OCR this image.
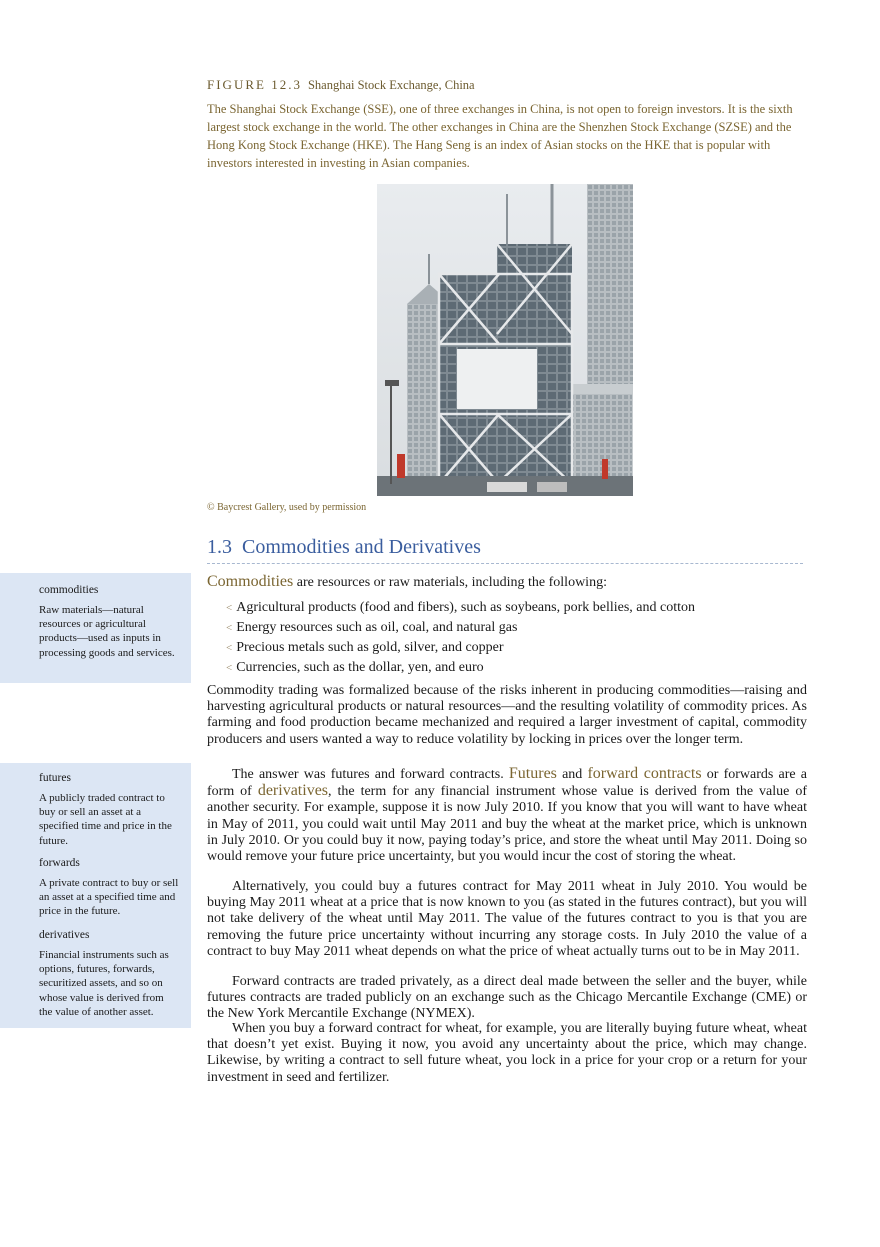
FIGURE 12.3 Shanghai Stock Exchange, China
The Shanghai Stock Exchange (SSE), one of three exchanges in China, is not open to foreign investors. It is the sixth largest stock exchange in the world. The other exchanges in China are the Shenzhen Stock Exchange (SZSE) and the Hong Kong Stock Exchange (HKE). The Hang Seng is an index of Asian stocks on the HKE that is popular with investors interested in investing in Asian companies.
© Baycrest Gallery, used by permission
1.3 Commodities and Derivatives
Commodities are resources or raw materials, including the following:
< Agricultural products (food and fibers), such as soybeans, pork bellies, and cotton
< Energy resources such as oil, coal, and natural gas
< Precious metals such as gold, silver, and copper
< Currencies, such as the dollar, yen, and euro

Commodity trading was formalized because of the risks inherent in producing commodities—raising and harvesting agricultural products or natural resources—and the resulting volatility of commodity prices. As farming and food production became mechanized and required a larger investment of capital, commodity producers and users wanted a way to reduce volatility by locking in prices over the longer term.

The answer was futures and forward contracts. Futures and forward contracts or forwards are a form of derivatives, the term for any financial instrument whose value is derived from the value of another security. For example, suppose it is now July 2010. If you know that you will want to have wheat in May of 2011, you could wait until May 2011 and buy the wheat at the market price, which is unknown in July 2010. Or you could buy it now, paying today’s price, and store the wheat until May 2011. Doing so would remove your future price uncertainty, but you would incur the cost of storing the wheat.

Alternatively, you could buy a futures contract for May 2011 wheat in July 2010. You would be buying May 2011 wheat at a price that is now known to you (as stated in the futures contract), but you will not take delivery of the wheat until May 2011. The value of the futures contract to you is that you are removing the future price uncertainty without incurring any storage costs. In July 2010 the value of a contract to buy May 2011 wheat depends on what the price of wheat actually turns out to be in May 2011.

Forward contracts are traded privately, as a direct deal made between the seller and the buyer, while futures contracts are traded publicly on an exchange such as the Chicago Mercantile Exchange (CME) or the New York Mercantile Exchange (NYMEX).

When you buy a forward contract for wheat, for example, you are literally buying future wheat, wheat that doesn’t yet exist. Buying it now, you avoid any uncertainty about the price, which may change. Likewise, by writing a contract to sell future wheat, you lock in a price for your crop or a return for your investment in seed and fertilizer.

commodities
Raw materials—natural resources or agricultural products—used as inputs in processing goods and services.
futures
A publicly traded contract to buy or sell an asset at a specified time and price in the future.
forwards
A private contract to buy or sell an asset at a specified time and price in the future.
derivatives
Financial instruments such as options, futures, forwards, securitized assets, and so on whose value is derived from the value of another asset.
